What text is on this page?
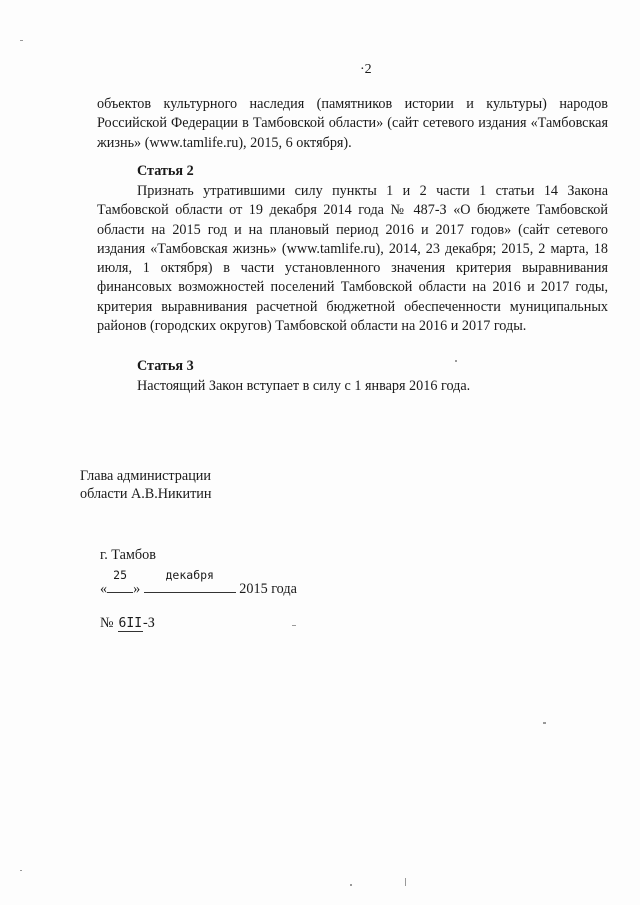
·2
объектов культурного наследия (памятников истории и культуры) народов Российской Федерации в Тамбовской области» (сайт сетевого издания «Тамбовская жизнь» (www.tamlife.ru), 2015, 6 октября).
Статья 2
Признать утратившими силу пункты 1 и 2 части 1 статьи 14 Закона Тамбовской области от 19 декабря 2014 года № 487-З «О бюджете Тамбовской области на 2015 год и на плановый период 2016 и 2017 годов» (сайт сетевого издания «Тамбовская жизнь» (www.tamlife.ru), 2014, 23 декабря; 2015, 2 марта, 18 июля, 1 октября) в части установленного значения критерия выравнивания финансовых возможностей поселений Тамбовской области на 2016 и 2017 годы, критерия выравнивания расчетной бюджетной обеспеченности муниципальных районов (городских округов) Тамбовской области на 2016 и 2017 годы.
Статья 3
Настоящий Закон вступает в силу с 1 января 2016 года.
Глава администрации
области А.В.Никитин
г. Тамбов
«
25
»
декабря
2015 года
№ 6II-З
